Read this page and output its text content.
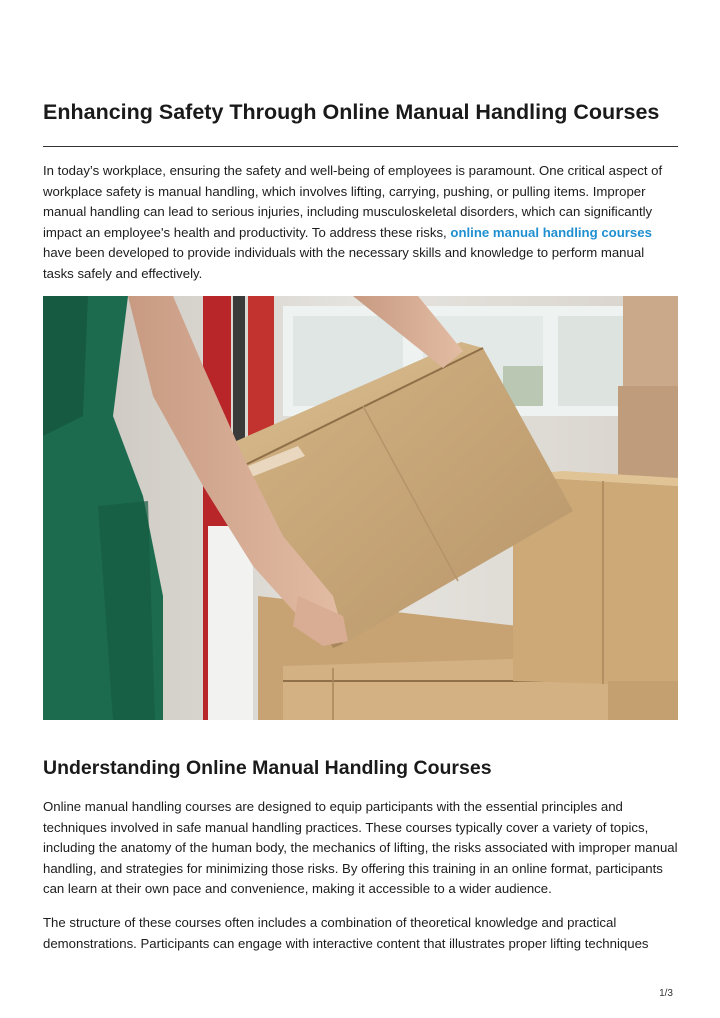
Enhancing Safety Through Online Manual Handling Courses

In today’s workplace, ensuring the safety and well-being of employees is paramount. One critical aspect of workplace safety is manual handling, which involves lifting, carrying, pushing, or pulling items. Improper manual handling can lead to serious injuries, including musculoskeletal disorders, which can significantly impact an employee's health and productivity. To address these risks, online manual handling courses have been developed to provide individuals with the necessary skills and knowledge to perform manual tasks safely and effectively.

Understanding Online Manual Handling Courses

Online manual handling courses are designed to equip participants with the essential principles and techniques involved in safe manual handling practices. These courses typically cover a variety of topics, including the anatomy of the human body, the mechanics of lifting, the risks associated with improper manual handling, and strategies for minimizing those risks. By offering this training in an online format, participants can learn at their own pace and convenience, making it accessible to a wider audience.

The structure of these courses often includes a combination of theoretical knowledge and practical demonstrations. Participants can engage with interactive content that illustrates proper lifting techniques

1/3
